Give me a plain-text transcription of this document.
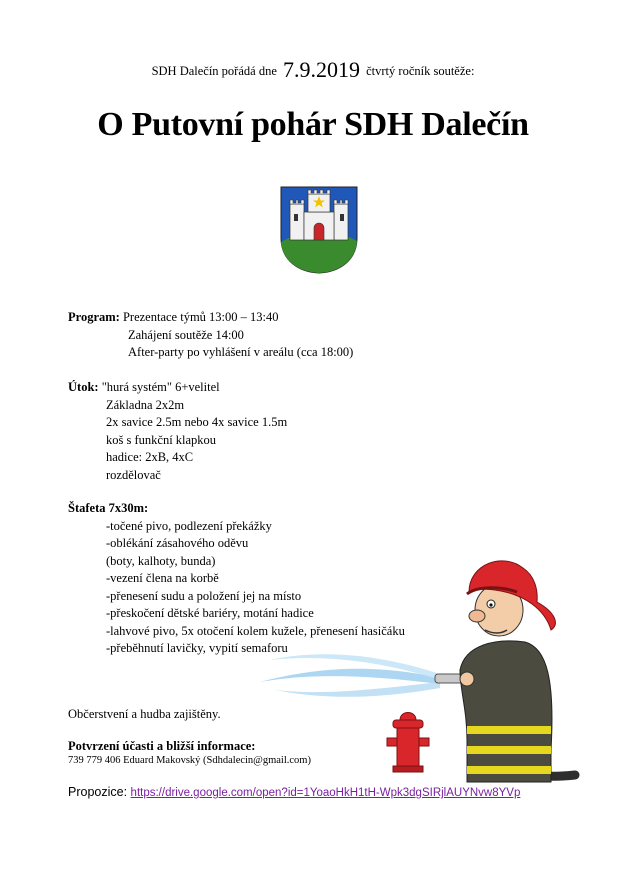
SDH Dalečín pořádá dne 7.9.2019 čtvrtý ročník soutěže:
O Putovní pohár SDH Dalečín
Program: Prezentace týmů 13:00 – 13:40
Zahájení soutěže 14:00
After-party po vyhlášení v areálu (cca 18:00)
Útok: "hurá systém" 6+velitel
Základna 2x2m
2x savice 2.5m nebo 4x savice 1.5m
koš s funkční klapkou
hadice: 2xB, 4xC
rozdělovač
Štafeta 7x30m:
-točené pivo, podlezení překážky
-oblékání zásahového oděvu
(boty, kalhoty, bunda)
-vezení člena na korbě
-přenesení sudu a položení jej na místo
-přeskočení dětské bariéry, motání hadice
-lahvové pivo, 5x otočení kolem kužele, přenesení hasičáku
-přeběhnutí lavičky, vypití semaforu
Občerstvení a hudba zajištěny.
Potvrzení účasti a bližší informace:
739 779 406 Eduard Makovský (Sdhdalecin@gmail.com)
Propozice: https://drive.google.com/open?id=1YoaoHkH1tH-Wpk3dgSIRjlAUYNvw8YVp
